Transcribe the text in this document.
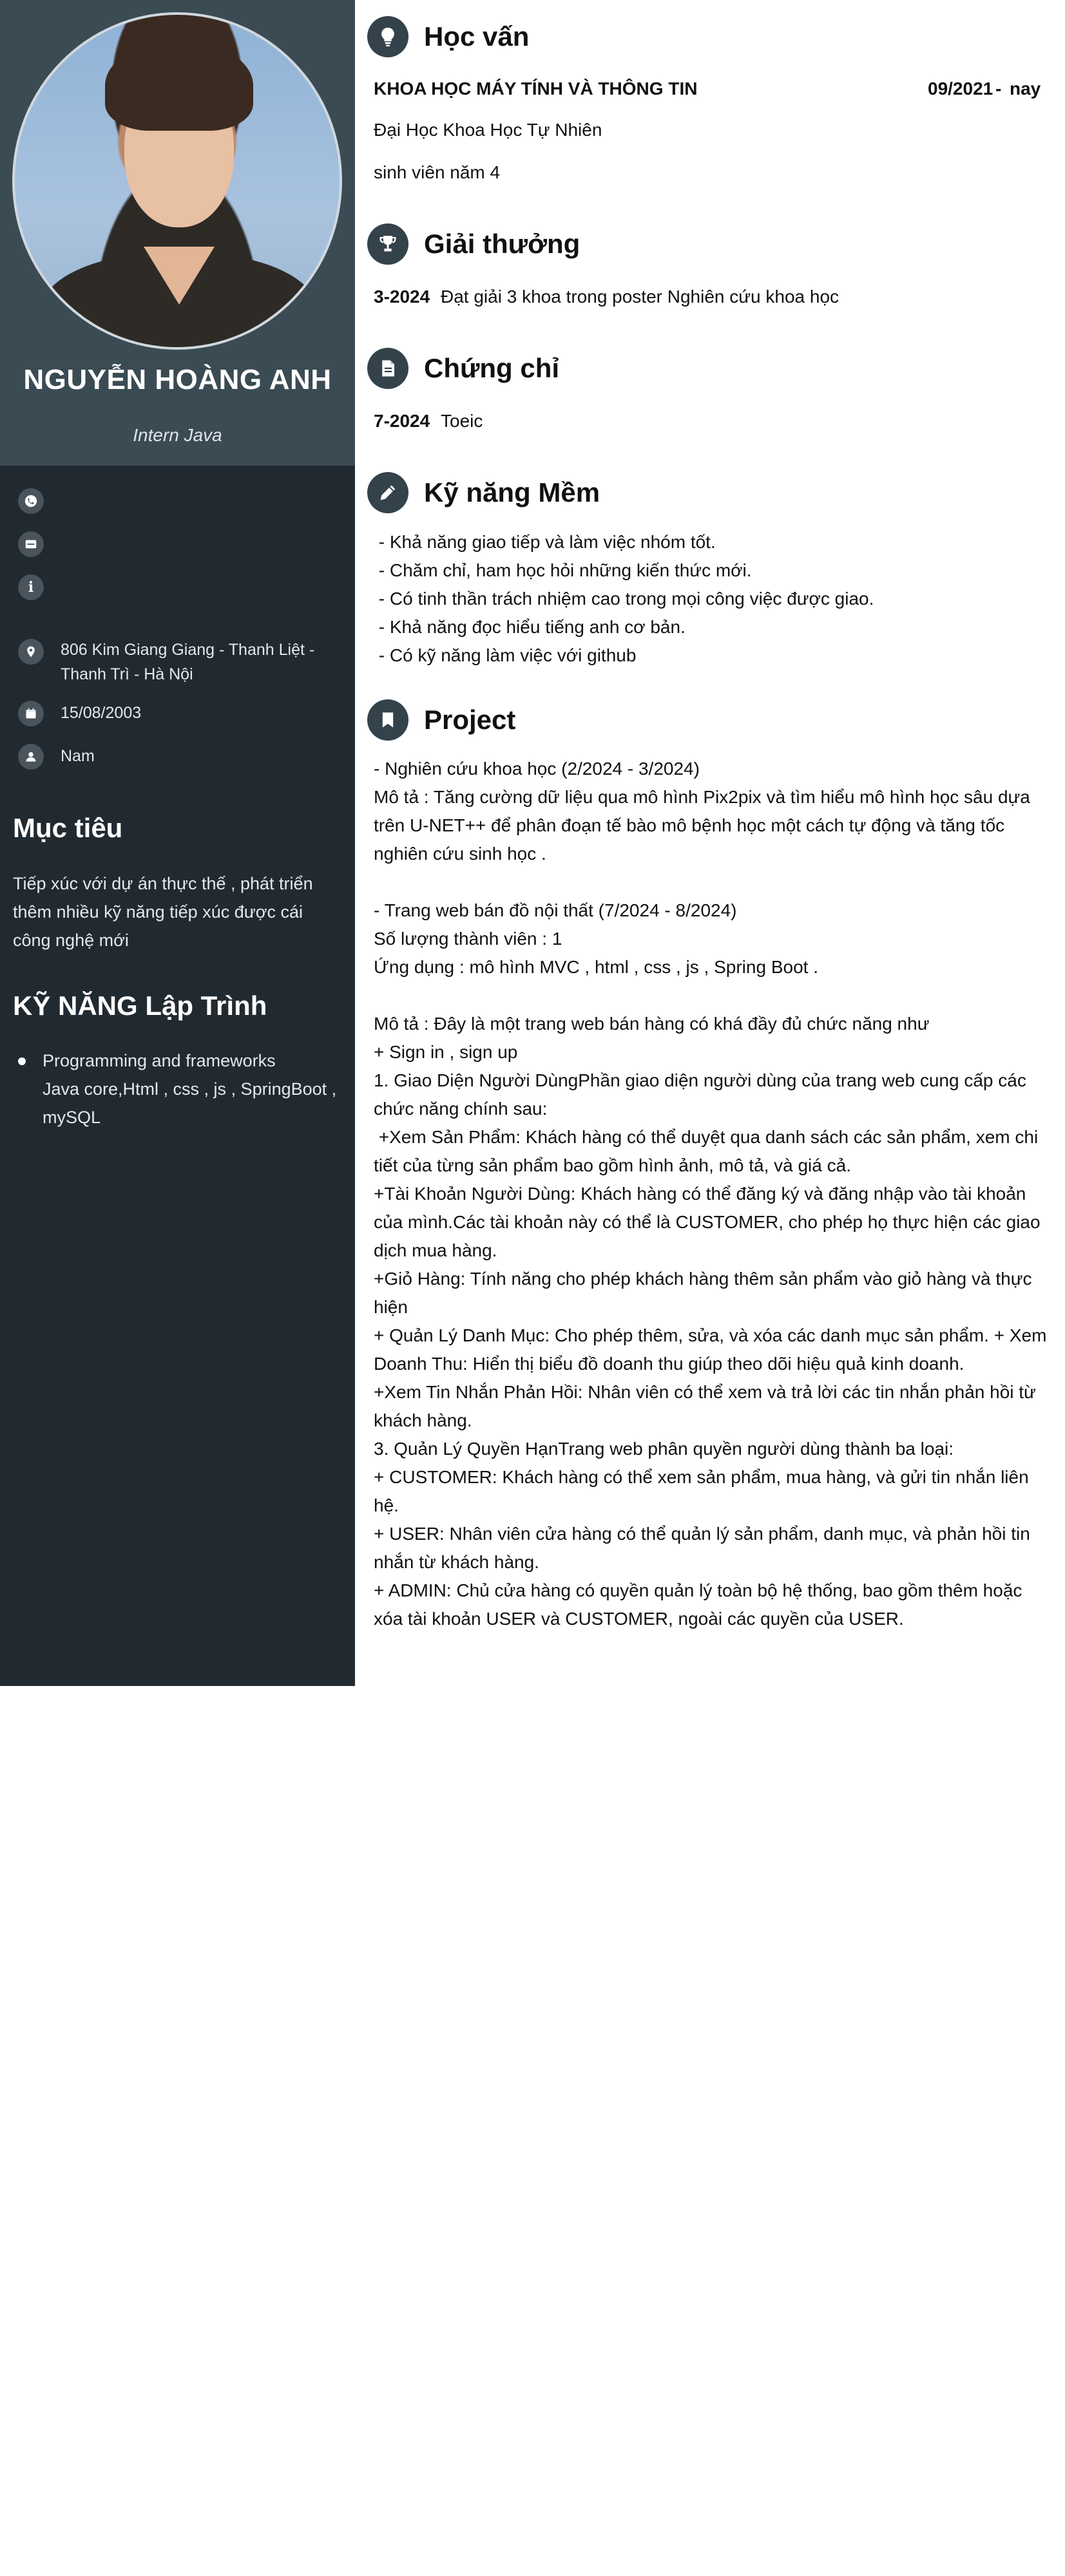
NGUYỄN HOÀNG ANH
Intern Java
i
806 Kim Giang Giang - Thanh Liệt - Thanh Trì - Hà Nội
15/08/2003
Nam
Mục tiêu
Tiếp xúc với dự án thực thế , phát triển thêm nhiều kỹ năng tiếp xúc được cái công nghệ mới
KỸ NĂNG Lập Trình
Programming and frameworks
Java core,Html , css , js , SpringBoot , mySQL
Học vấn
KHOA HỌC MÁY TÍNH VÀ THÔNG TIN	09/2021 - nay
Đại Học Khoa Học Tự Nhiên
sinh viên năm 4
Giải thưởng
3-2024 Đạt giải 3 khoa trong poster Nghiên cứu khoa học
Chứng chỉ
7-2024 Toeic
Kỹ năng Mềm
- Khả năng giao tiếp và làm việc nhóm tốt.
- Chăm chỉ, ham học hỏi những kiến thức mới.
- Có tinh thần trách nhiệm cao trong mọi công việc được giao.
- Khả năng đọc hiểu tiếng anh cơ bản.
- Có kỹ năng làm việc với github
Project
- Nghiên cứu khoa học (2/2024 - 3/2024)
Mô tả : Tăng cường dữ liệu qua mô hình Pix2pix và tìm hiểu mô hình học sâu dựa trên U-NET++ để phân đoạn tế bào mô bệnh học một cách tự động và tăng tốc nghiên cứu sinh học .

- Trang web bán đồ nội thất (7/2024 - 8/2024)
Số lượng thành viên : 1
Ứng dụng : mô hình MVC , html , css , js , Spring Boot .

Mô tả : Đây là một trang web bán hàng có khá đầy đủ chức năng như
+ Sign in , sign up
1. Giao Diện Người DùngPhần giao diện người dùng của trang web cung cấp các chức năng chính sau:
+Xem Sản Phẩm: Khách hàng có thể duyệt qua danh sách các sản phẩm, xem chi tiết của từng sản phẩm bao gồm hình ảnh, mô tả, và giá cả.
+Tài Khoản Người Dùng: Khách hàng có thể đăng ký và đăng nhập vào tài khoản của mình.Các tài khoản này có thể là CUSTOMER, cho phép họ thực hiện các giao dịch mua hàng.
+Giỏ Hàng: Tính năng cho phép khách hàng thêm sản phẩm vào giỏ hàng và thực hiện
+ Quản Lý Danh Mục: Cho phép thêm, sửa, và xóa các danh mục sản phẩm. + Xem Doanh Thu: Hiển thị biểu đồ doanh thu giúp theo dõi hiệu quả kinh doanh.
+Xem Tin Nhắn Phản Hồi: Nhân viên có thể xem và trả lời các tin nhắn phản hồi từ khách hàng.
3. Quản Lý Quyền HạnTrang web phân quyền người dùng thành ba loại:
+ CUSTOMER: Khách hàng có thể xem sản phẩm, mua hàng, và gửi tin nhắn liên hệ.
+ USER: Nhân viên cửa hàng có thể quản lý sản phẩm, danh mục, và phản hồi tin nhắn từ khách hàng.
+ ADMIN: Chủ cửa hàng có quyền quản lý toàn bộ hệ thống, bao gồm thêm hoặc xóa tài khoản USER và CUSTOMER, ngoài các quyền của USER.
